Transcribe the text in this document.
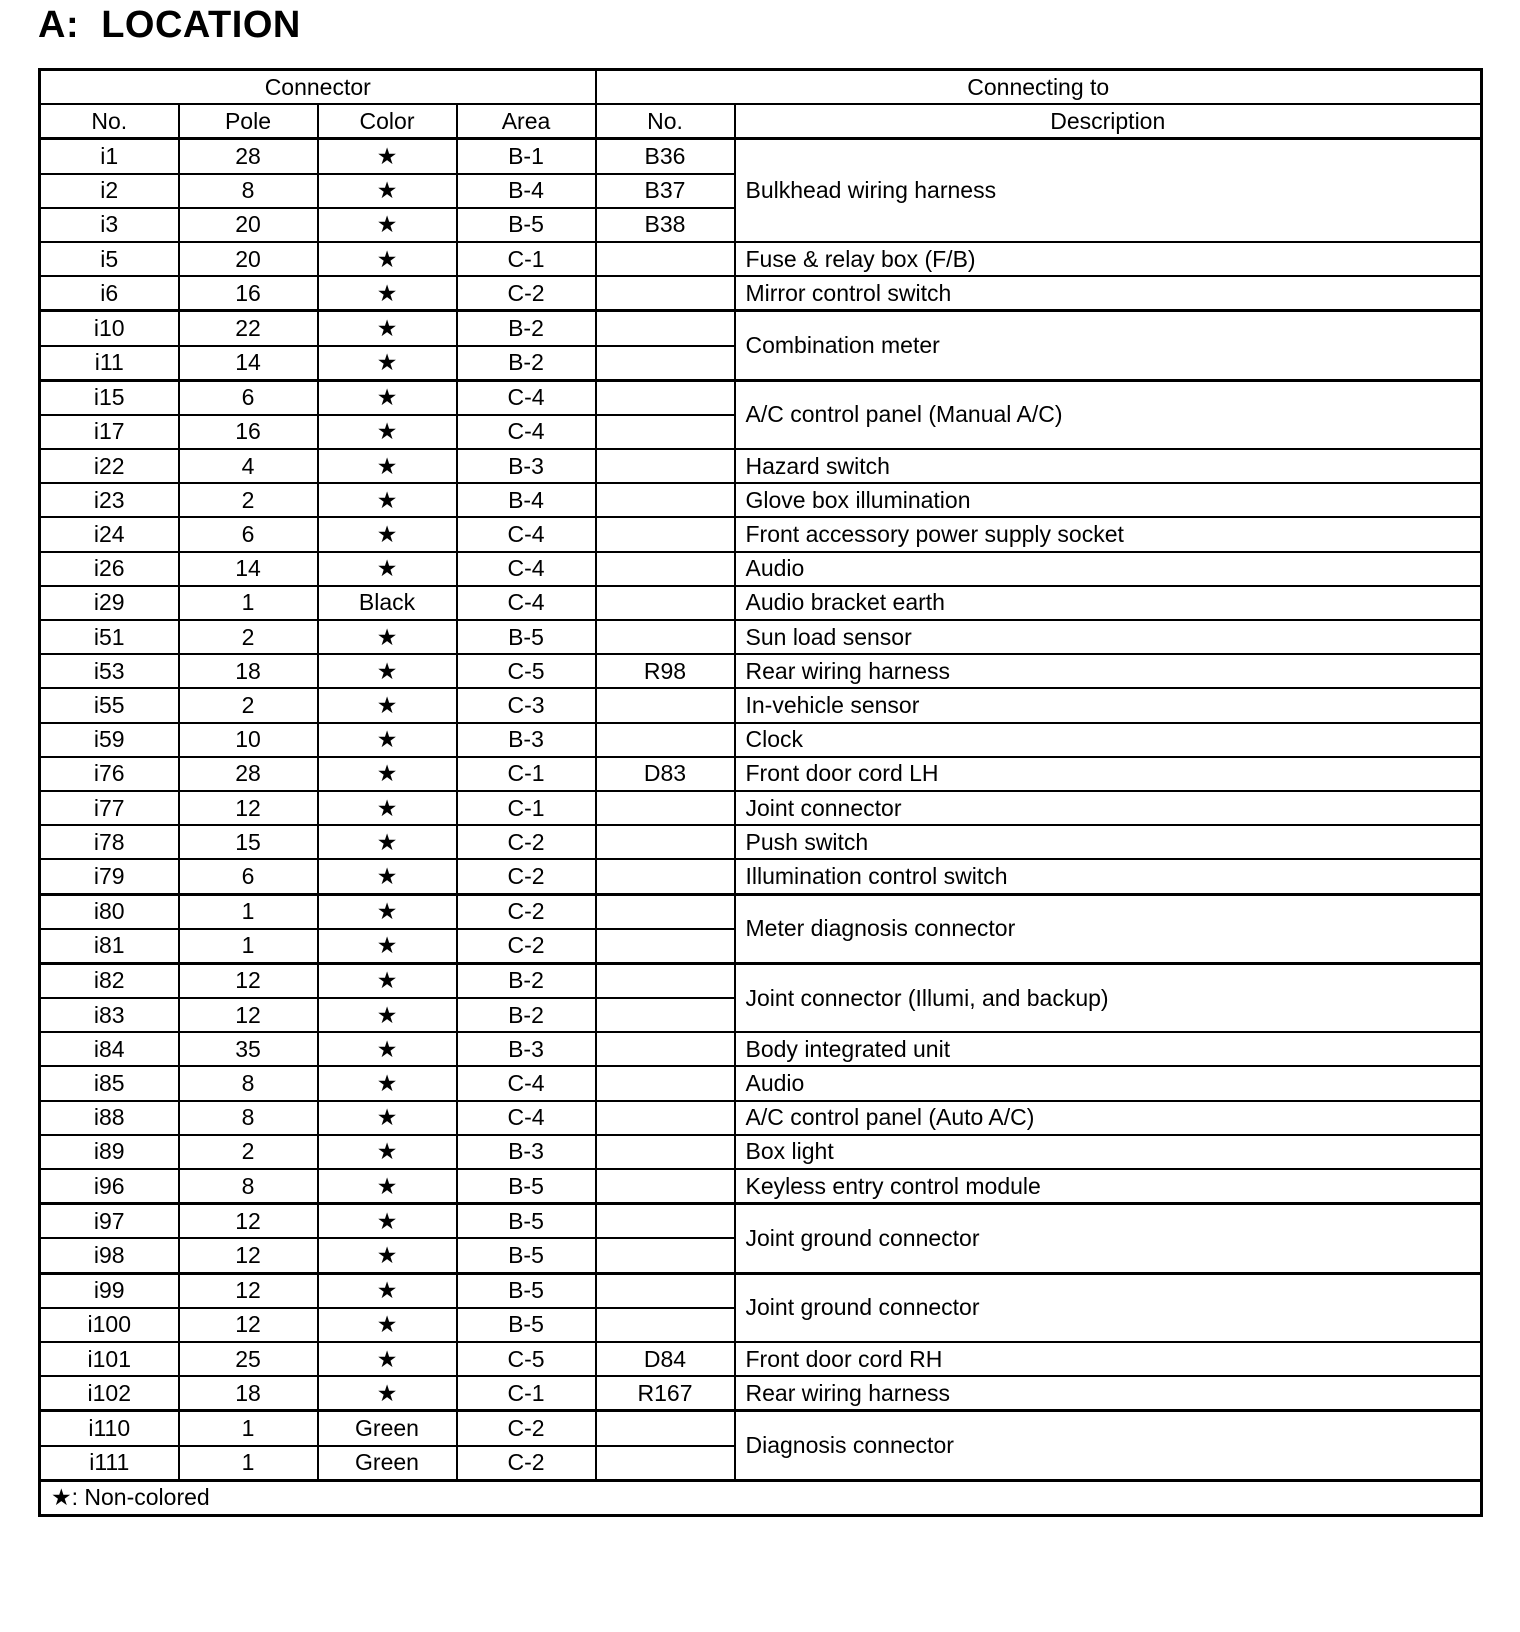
A:  LOCATION
Connector				Connecting to	
No.	Pole	Color	Area	No.	Description
i1	28	★	B-1	B36	Bulkhead wiring harness
i2	8	★	B-4	B37	
i3	20	★	B-5	B38	
i5	20	★	C-1		Fuse & relay box (F/B)
i6	16	★	C-2		Mirror control switch
i10	22	★	B-2		Combination meter
i11	14	★	B-2		
i15	6	★	C-4		A/C control panel (Manual A/C)
i17	16	★	C-4		
i22	4	★	B-3		Hazard switch
i23	2	★	B-4		Glove box illumination
i24	6	★	C-4		Front accessory power supply socket
i26	14	★	C-4		Audio
i29	1	Black	C-4		Audio bracket earth
i51	2	★	B-5		Sun load sensor
i53	18	★	C-5	R98	Rear wiring harness
i55	2	★	C-3		In-vehicle sensor
i59	10	★	B-3		Clock
i76	28	★	C-1	D83	Front door cord LH
i77	12	★	C-1		Joint connector
i78	15	★	C-2		Push switch
i79	6	★	C-2		Illumination control switch
i80	1	★	C-2		Meter diagnosis connector
i81	1	★	C-2		
i82	12	★	B-2		Joint connector (Illumi, and backup)
i83	12	★	B-2		
i84	35	★	B-3		Body integrated unit
i85	8	★	C-4		Audio
i88	8	★	C-4		A/C control panel (Auto A/C)
i89	2	★	B-3		Box light
i96	8	★	B-5		Keyless entry control module
i97	12	★	B-5		Joint ground connector
i98	12	★	B-5		
i99	12	★	B-5		Joint ground connector
i100	12	★	B-5		
i101	25	★	C-5	D84	Front door cord RH
i102	18	★	C-1	R167	Rear wiring harness
i110	1	Green	C-2		Diagnosis connector
i111	1	Green	C-2		
★: Non-colored					
